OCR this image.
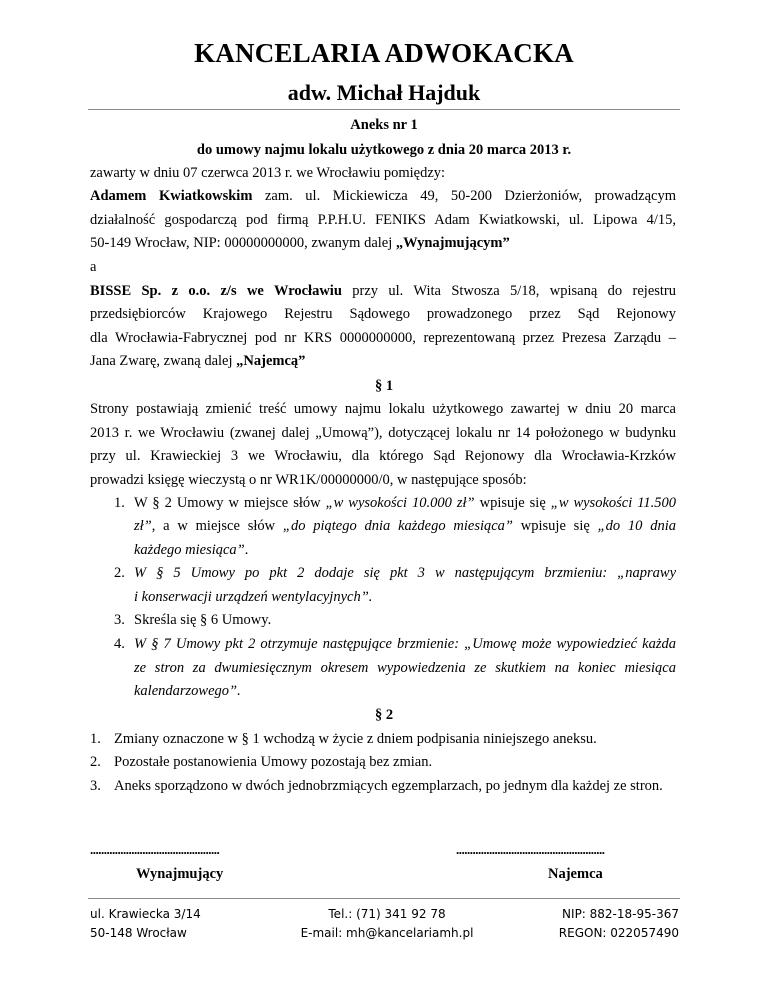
KANCELARIA ADWOKACKA
adw. Michał Hajduk
Aneks nr 1
do umowy najmu lokalu użytkowego z dnia 20 marca 2013 r.
zawarty w dniu 07 czerwca 2013 r. we Wrocławiu pomiędzy:
Adamem Kwiatkowskim zam. ul. Mickiewicza 49, 50-200 Dzierżoniów, prowadzącym
działalność gospodarczą pod firmą P.P.H.U. FENIKS Adam Kwiatkowski, ul. Lipowa 4/15,
50-149 Wrocław, NIP: 00000000000, zwanym dalej „Wynajmującym”
a
BISSE Sp. z o.o. z/s we Wrocławiu przy ul. Wita Stwosza 5/18, wpisaną do rejestru
przedsiębiorców Krajowego Rejestru Sądowego prowadzonego przez Sąd Rejonowy
dla Wrocławia-Fabrycznej pod nr KRS 0000000000, reprezentowaną przez Prezesa Zarządu –
Jana Zwarę, zwaną dalej „Najemcą”
§ 1
Strony postawiają zmienić treść umowy najmu lokalu użytkowego zawartej w dniu 20 marca
2013 r. we Wrocławiu (zwanej dalej „Umową”), dotyczącej lokalu nr 14 położonego w budynku
przy ul. Krawieckiej 3 we Wrocławiu, dla którego Sąd Rejonowy dla Wrocławia-Krzków
prowadzi księgę wieczystą o nr WR1K/00000000/0, w następujące sposób:
1. W § 2 Umowy w miejsce słów „w wysokości 10.000 zł” wpisuje się „w wysokości 11.500
zł”, a w miejsce słów „do piątego dnia każdego miesiąca” wpisuje się „do 10 dnia
każdego miesiąca”.
2. W § 5 Umowy po pkt 2 dodaje się pkt 3 w następującym brzmieniu: „naprawy
i konserwacji urządzeń wentylacyjnych”.
3. Skreśla się § 6 Umowy.
4. W § 7 Umowy pkt 2 otrzymuje następujące brzmienie: „Umowę może wypowiedzieć każda
ze stron za dwumiesięcznym okresem wypowiedzenia ze skutkiem na koniec miesiąca
kalendarzowego”.
§ 2
1. Zmiany oznaczone w § 1 wchodzą w życie z dniem podpisania niniejszego aneksu.
2. Pozostałe postanowienia Umowy pozostają bez zmian.
3. Aneks sporządzono w dwóch jednobrzmiących egzemplarzach, po jednym dla każdej ze stron.
...............................................	......................................................
Wynajmujący	Najemca
ul. Krawiecka 3/14
50-148 Wrocław
Tel.: (71) 341 92 78
E-mail: mh@kancelariamh.pl
NIP: 882-18-95-367
REGON: 022057490
